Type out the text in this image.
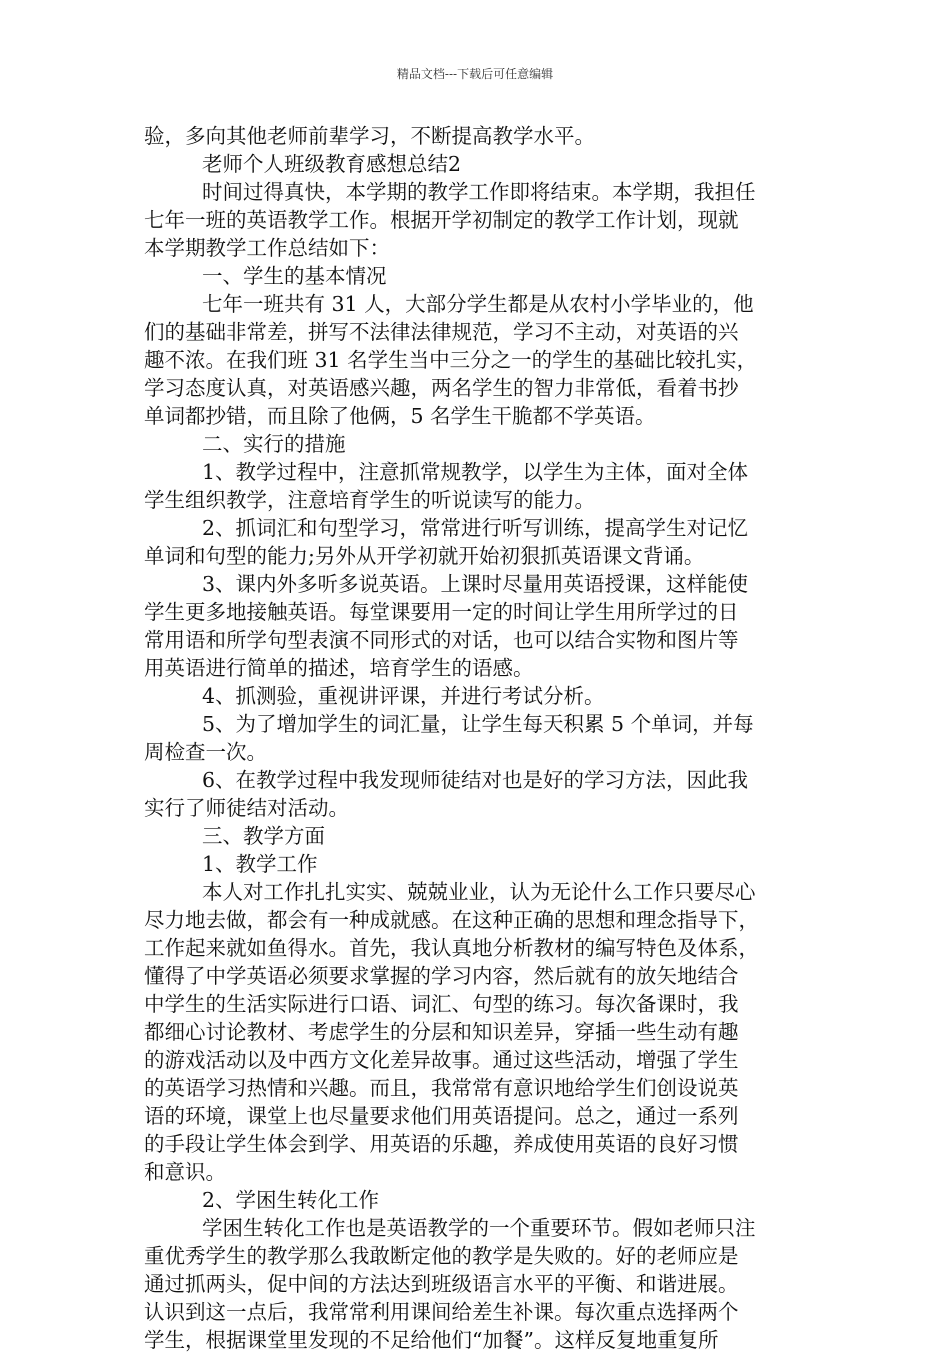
精品文档---下载后可任意编辑
验，多向其他老师前辈学习，不断提高教学水平。
老师个人班级教育感想总结2
时间过得真快，本学期的教学工作即将结束。本学期，我担任
七年一班的英语教学工作。根据开学初制定的教学工作计划，现就
本学期教学工作总结如下：
一、学生的基本情况
七年一班共有 31 人，大部分学生都是从农村小学毕业的，他
们的基础非常差，拼写不法律法律规范，学习不主动，对英语的兴
趣不浓。在我们班 31 名学生当中三分之一的学生的基础比较扎实，
学习态度认真，对英语感兴趣，两名学生的智力非常低，看着书抄
单词都抄错，而且除了他俩，5 名学生干脆都不学英语。
二、实行的措施
1、教学过程中，注意抓常规教学，以学生为主体，面对全体
学生组织教学，注意培育学生的听说读写的能力。
2、抓词汇和句型学习，常常进行听写训练，提高学生对记忆
单词和句型的能力;另外从开学初就开始初狠抓英语课文背诵。
3、课内外多听多说英语。上课时尽量用英语授课，这样能使
学生更多地接触英语。每堂课要用一定的时间让学生用所学过的日
常用语和所学句型表演不同形式的对话，也可以结合实物和图片等
用英语进行简单的描述，培育学生的语感。
4、抓测验，重视讲评课，并进行考试分析。
5、为了增加学生的词汇量，让学生每天积累 5 个单词，并每
周检查一次。
6、在教学过程中我发现师徒结对也是好的学习方法，因此我
实行了师徒结对活动。
三、教学方面
1、教学工作
本人对工作扎扎实实、兢兢业业，认为无论什么工作只要尽心
尽力地去做，都会有一种成就感。在这种正确的思想和理念指导下，
工作起来就如鱼得水。首先，我认真地分析教材的编写特色及体系，
懂得了中学英语必须要求掌握的学习内容，然后就有的放矢地结合
中学生的生活实际进行口语、词汇、句型的练习。每次备课时，我
都细心讨论教材、考虑学生的分层和知识差异，穿插一些生动有趣
的游戏活动以及中西方文化差异故事。通过这些活动，增强了学生
的英语学习热情和兴趣。而且，我常常有意识地给学生们创设说英
语的环境，课堂上也尽量要求他们用英语提问。总之，通过一系列
的手段让学生体会到学、用英语的乐趣，养成使用英语的良好习惯
和意识。
2、学困生转化工作
学困生转化工作也是英语教学的一个重要环节。假如老师只注
重优秀学生的教学那么我敢断定他的教学是失败的。好的老师应是
通过抓两头，促中间的方法达到班级语言水平的平衡、和谐进展。
认识到这一点后，我常常利用课间给差生补课。每次重点选择两个
学生，根据课堂里发现的不足给他们“加餐”。这样反复地重复所
